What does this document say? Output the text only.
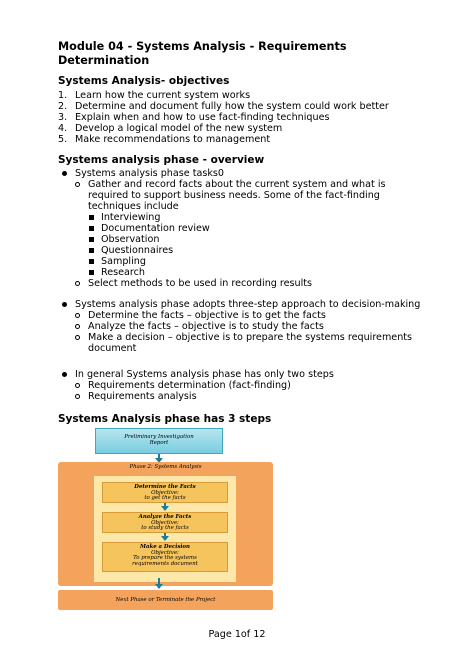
Module 04 - Systems Analysis - Requirements Determination
Systems Analysis- objectives
1. Learn how the current system works
2. Determine and document fully how the system could work better
3. Explain when and how to use fact-finding techniques
4. Develop a logical model of the new system
5. Make recommendations to management
Systems analysis phase - overview
Systems analysis phase tasks0
Gather and record facts about the current system and what is
required to support business needs. Some of the fact-finding
techniques include
Interviewing
Documentation review
Observation
Questionnaires
Sampling
Research
Select methods to be used in recording results
Systems analysis phase adopts three-step approach to decision-making
Determine the facts – objective is to get the facts
Analyze the facts – objective is to study the facts
Make a decision – objective is to prepare the systems requirements
document
In general Systems analysis phase has only two steps
Requirements determination (fact-finding)
Requirements analysis
Systems Analysis phase has 3 steps
Preliminary Investigation
Report
Phase 2: Systems Analysis
Determine the Facts
Objective:
to get the facts
Analyze the Facts
Objective:
to study the facts
Make a Decision
Objective:
To prepare the systems
requirements document
Next Phase or Terminate the Project
Page 1of 12
